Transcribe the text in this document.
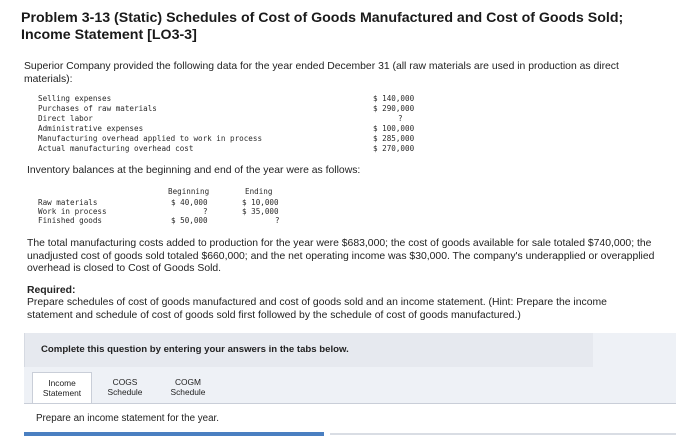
Problem 3-13 (Static) Schedules of Cost of Goods Manufactured and Cost of Goods Sold; Income Statement [LO3-3]
Superior Company provided the following data for the year ended December 31 (all raw materials are used in production as direct materials):
Selling expenses	$ 140,000
Purchases of raw materials	$ 290,000
Direct labor	?
Administrative expenses	$ 100,000
Manufacturing overhead applied to work in process	$ 285,000
Actual manufacturing overhead cost	$ 270,000
Inventory balances at the beginning and end of the year were as follows:
Beginning	Ending
Raw materials	$ 40,000	$ 10,000
Work in process	?	$ 35,000
Finished goods	$ 50,000	?
The total manufacturing costs added to production for the year were $683,000; the cost of goods available for sale totaled $740,000; the unadjusted cost of goods sold totaled $660,000; and the net operating income was $30,000. The company's underapplied or overapplied overhead is closed to Cost of Goods Sold.
Required:
Prepare schedules of cost of goods manufactured and cost of goods sold and an income statement. (Hint: Prepare the income statement and schedule of cost of goods sold first followed by the schedule of cost of goods manufactured.)
Complete this question by entering your answers in the tabs below.
Income
Statement
COGS
Schedule
COGM
Schedule
Prepare an income statement for the year.
